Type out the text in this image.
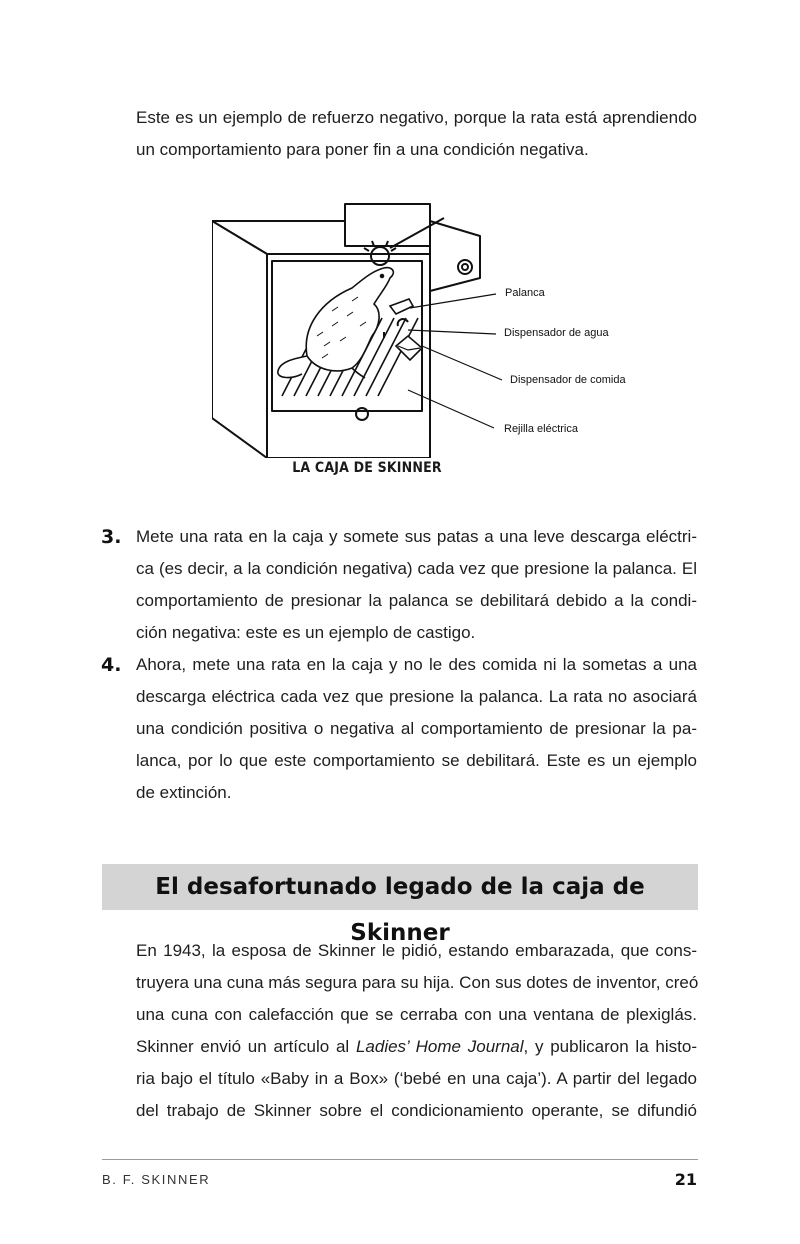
Este es un ejemplo de refuerzo negativo, porque la rata está aprendiendo
un comportamiento para poner fin a una condición negativa.

Palanca
Dispensador de agua
Dispensador de comida
Rejilla eléctrica
LA CAJA DE SKINNER
3. Mete una rata en la caja y somete sus patas a una leve descarga eléctri-
ca (es decir, a la condición negativa) cada vez que presione la palanca. El
comportamiento de presionar la palanca se debilitará debido a la condi-
ción negativa: este es un ejemplo de castigo.

4. Ahora, mete una rata en la caja y no le des comida ni la sometas a una
descarga eléctrica cada vez que presione la palanca. La rata no asociará
una condición positiva o negativa al comportamiento de presionar la pa-
lanca, por lo que este comportamiento se debilitará. Este es un ejemplo
de extinción.

El desafortunado legado de la caja de Skinner

En 1943, la esposa de Skinner le pidió, estando embarazada, que cons-
truyera una cuna más segura para su hija. Con sus dotes de inventor, creó
una cuna con calefacción que se cerraba con una ventana de plexiglás.
Skinner envió un artículo al Ladies’ Home Journal, y publicaron la histo-
ria bajo el título «Baby in a Box» (‘bebé en una caja’). A partir del legado
del trabajo de Skinner sobre el condicionamiento operante, se difundió

B. F. SKINNER	21
